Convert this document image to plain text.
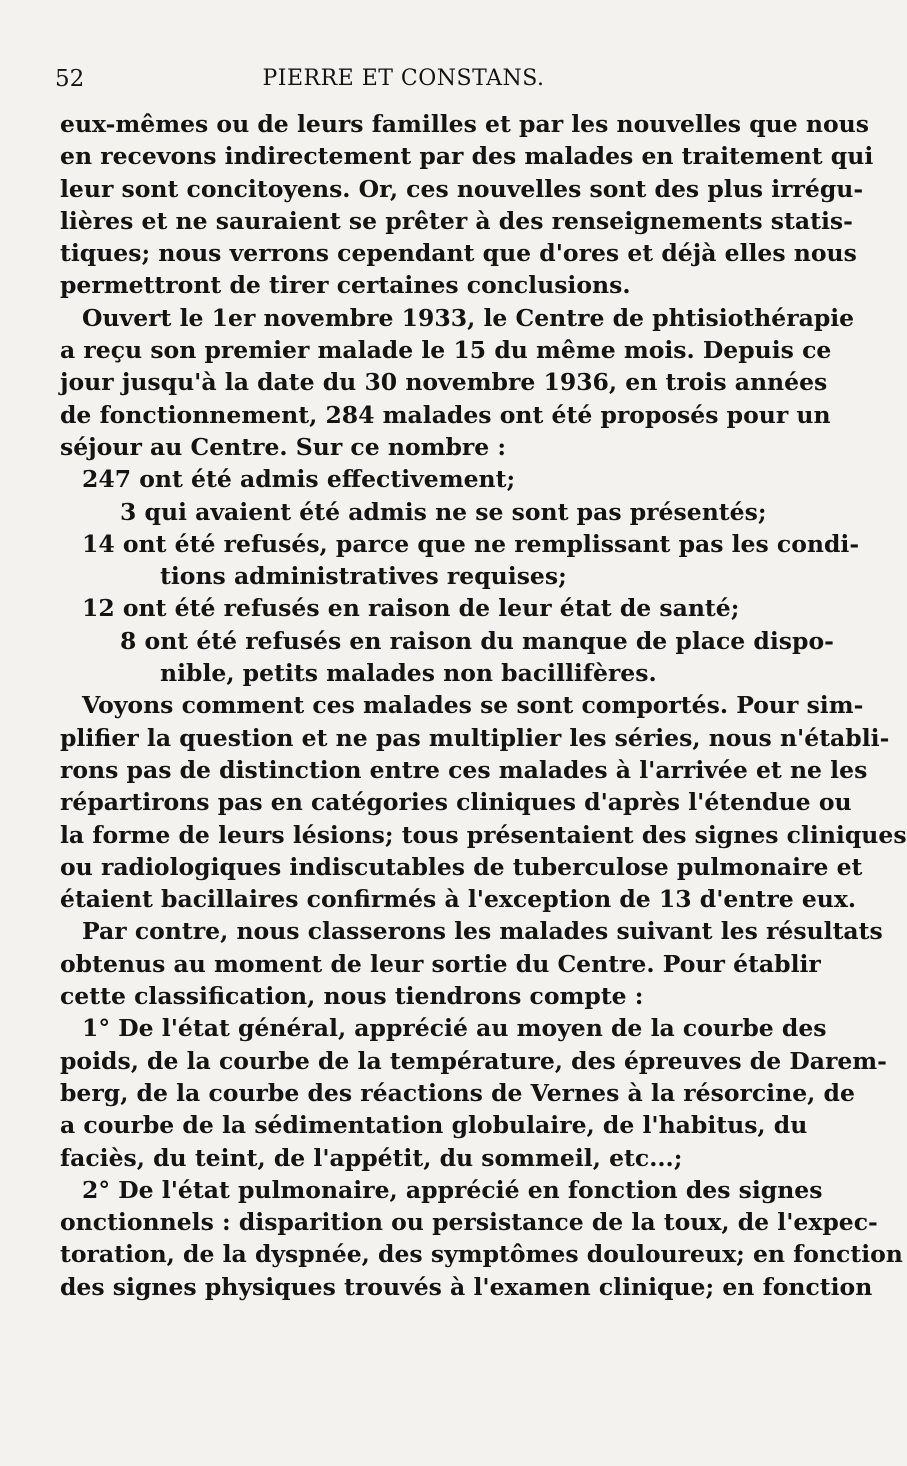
52	PIERRE ET CONSTANS.
eux-mêmes ou de leurs familles et par les nouvelles que nous
en recevons indirectement par des malades en traitement qui
leur sont concitoyens. Or, ces nouvelles sont des plus irrégu-
lières et ne sauraient se prêter à des renseignements statis-
tiques; nous verrons cependant que d'ores et déjà elles nous
permettront de tirer certaines conclusions.
Ouvert le 1er novembre 1933, le Centre de phtisiothérapie
a reçu son premier malade le 15 du même mois. Depuis ce
jour jusqu'à la date du 30 novembre 1936, en trois années
de fonctionnement, 284 malades ont été proposés pour un
séjour au Centre. Sur ce nombre :
247 ont été admis effectivement;
3 qui avaient été admis ne se sont pas présentés;
14 ont été refusés, parce que ne remplissant pas les condi-
tions administratives requises;
12 ont été refusés en raison de leur état de santé;
8 ont été refusés en raison du manque de place dispo-
nible, petits malades non bacillifères.
Voyons comment ces malades se sont comportés. Pour sim-
plifier la question et ne pas multiplier les séries, nous n'établi-
rons pas de distinction entre ces malades à l'arrivée et ne les
répartirons pas en catégories cliniques d'après l'étendue ou
la forme de leurs lésions; tous présentaient des signes cliniques
ou radiologiques indiscutables de tuberculose pulmonaire et
étaient bacillaires confirmés à l'exception de 13 d'entre eux.
Par contre, nous classerons les malades suivant les résultats
obtenus au moment de leur sortie du Centre. Pour établir
cette classification, nous tiendrons compte :
1° De l'état général, apprécié au moyen de la courbe des
poids, de la courbe de la température, des épreuves de Darem-
berg, de la courbe des réactions de Vernes à la résorcine, de
a courbe de la sédimentation globulaire, de l'habitus, du
faciès, du teint, de l'appétit, du sommeil, etc...;
2° De l'état pulmonaire, apprécié en fonction des signes
onctionnels : disparition ou persistance de la toux, de l'expec-
toration, de la dyspnée, des symptômes douloureux; en fonction
des signes physiques trouvés à l'examen clinique; en fonction
